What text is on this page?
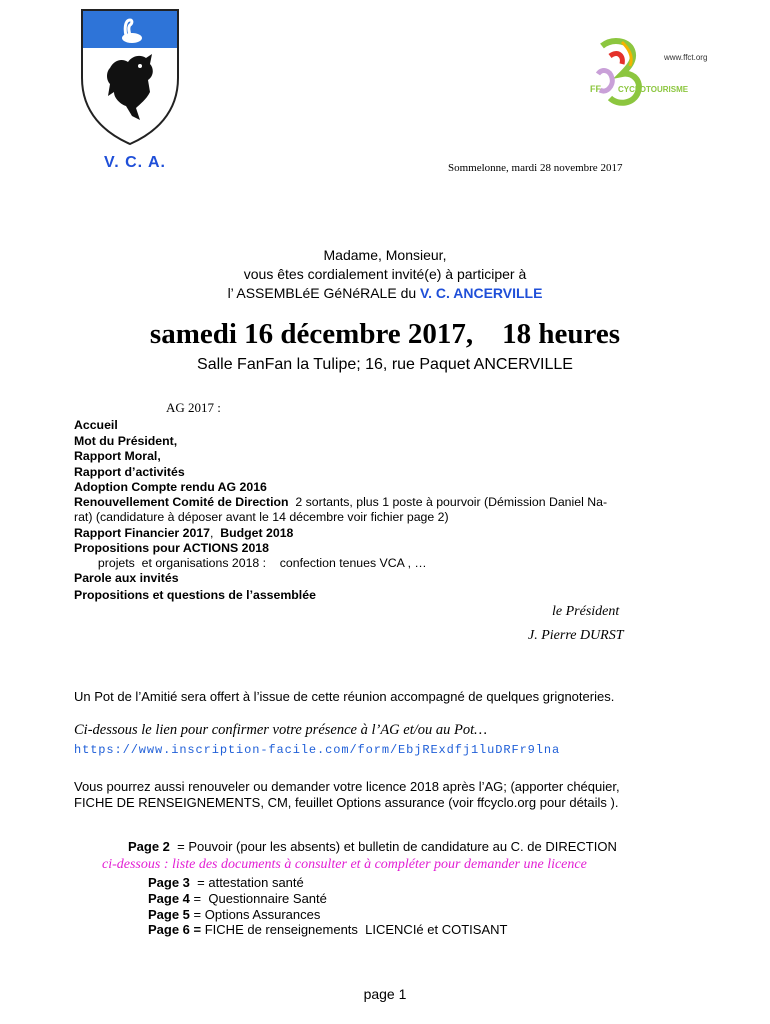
www.ffct.org
FF CYCLOTOURISME
V. C. A.	Sommelonne, mardi 28 novembre 2017
Madame, Monsieur,
vous êtes cordialement invité(e) à participer à
l’ ASSEMBLéE GéNéRALE du V. C. ANCERVILLE
samedi 16 décembre 2017,    18 heures
Salle FanFan la Tulipe; 16, rue Paquet ANCERVILLE
AG 2017 :
Accueil
Mot du Président,
Rapport Moral,
Rapport d’activités
Adoption Compte rendu AG 2016
Renouvellement Comité de Direction  2 sortants, plus 1 poste à pourvoir (Démission Daniel Na-
rat) (candidature à déposer avant le 14 décembre voir fichier page 2)
Rapport Financier 2017,  Budget 2018
Propositions pour ACTIONS 2018
projets  et organisations 2018 :    confection tenues VCA , …
Parole aux invités
Propositions et questions de l’assemblée
le Président
J. Pierre DURST
Un Pot de l’Amitié sera offert à l’issue de cette réunion accompagné de quelques grignoteries.
Ci-dessous le lien pour confirmer votre présence à l’AG et/ou au Pot…
https://www.inscription-facile.com/form/EbjRExdfj1luDRFr9lna
Vous pourrez aussi renouveler ou demander votre licence 2018 après l’AG; (apporter chéquier,
FICHE DE RENSEIGNEMENTS, CM, feuillet Options assurance (voir ffcyclo.org pour détails ).
Page 2  = Pouvoir (pour les absents) et bulletin de candidature au C. de DIRECTION
ci-dessous : liste des documents à consulter et à compléter pour demander une licence
Page 3  = attestation santé
Page 4 =  Questionnaire Santé
Page 5 = Options Assurances
Page 6 = FICHE de renseignements  LICENCIé et COTISANT
page 1
